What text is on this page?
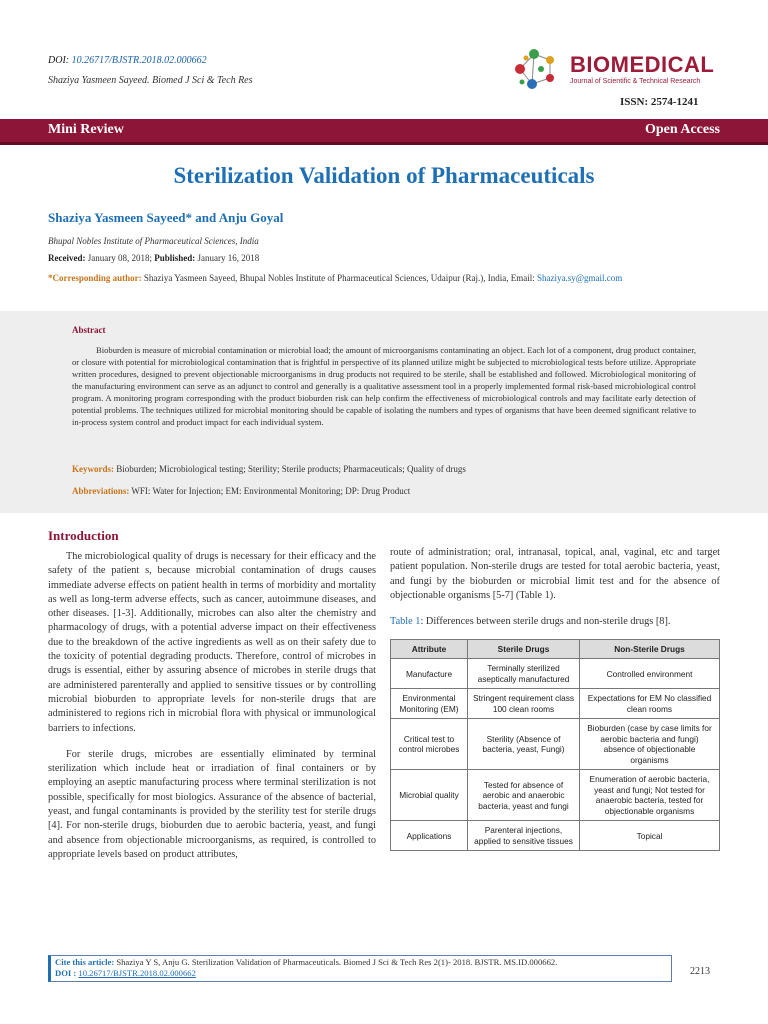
DOI: 10.26717/BJSTR.2018.02.000662
Shaziya Yasmeen Sayeed. Biomed J Sci & Tech Res
BIOMEDICAL
Journal of Scientific & Technical Research
ISSN: 2574-1241
Mini Review	Open Access
Sterilization Validation of Pharmaceuticals
Shaziya Yasmeen Sayeed* and Anju Goyal
Bhupal Nobles Institute of Pharmaceutical Sciences, India
Received: January 08, 2018; Published: January 16, 2018
*Corresponding author: Shaziya Yasmeen Sayeed, Bhupal Nobles Institute of Pharmaceutical Sciences, Udaipur (Raj.), India, Email: Shaziya.sy@gmail.com
Abstract
Bioburden is measure of microbial contamination or microbial load; the amount of microorganisms contaminating an object. Each lot of a component, drug product container, or closure with potential for microbiological contamination that is frightful in perspective of its planned utilize might be subjected to microbiological tests before utilize. Appropriate written procedures, designed to prevent objectionable microorganisms in drug products not required to be sterile, shall be established and followed. Microbiological monitoring of the manufacturing environment can serve as an adjunct to control and generally is a qualitative assessment tool in a properly implemented formal risk-based microbiological control program. A monitoring program corresponding with the product bioburden risk can help confirm the effectiveness of microbiological controls and may facilitate early detection of potential problems. The techniques utilized for microbial monitoring should be capable of isolating the numbers and types of organisms that have been deemed significant relative to in-process system control and product impact for each individual system.
Keywords: Bioburden; Microbiological testing; Sterility; Sterile products; Pharmaceuticals; Quality of drugs
Abbreviations: WFI: Water for Injection; EM: Environmental Monitoring; DP: Drug Product
Introduction

The microbiological quality of drugs is necessary for their efficacy and the safety of the patient s, because microbial contamination of drugs causes immediate adverse effects on patient health in terms of morbidity and mortality as well as long-term adverse effects, such as cancer, autoimmune diseases, and other diseases. [1-3]. Additionally, microbes can also alter the chemistry and pharmacology of drugs, with a potential adverse impact on their effectiveness due to the breakdown of the active ingredients as well as on their safety due to the toxicity of potential degrading products. Therefore, control of microbes in drugs is essential, either by assuring absence of microbes in sterile drugs that are administered parenterally and applied to sensitive tissues or by controlling microbial bioburden to appropriate levels for non-sterile drugs that are administered to regions rich in microbial flora with physical or immunological barriers to infections.

For sterile drugs, microbes are essentially eliminated by terminal sterilization which include heat or irradiation of final containers or by employing an aseptic manufacturing process where terminal sterilization is not possible, specifically for most biologics. Assurance of the absence of bacterial, yeast, and fungal contaminants is provided by the sterility test for sterile drugs [4]. For non-sterile drugs, bioburden due to aerobic bacteria, yeast, and fungi and absence from objectionable microorganisms, as required, is controlled to appropriate levels based on product attributes,

route of administration; oral, intranasal, topical, anal, vaginal, etc and target patient population. Non-sterile drugs are tested for total aerobic bacteria, yeast, and fungi by the bioburden or microbial limit test and for the absence of objectionable organisms [5-7] (Table 1).

Table 1: Differences between sterile drugs and non-sterile drugs [8].
Attribute	Sterile Drugs	Non-Sterile Drugs
Manufacture	Terminally sterilized aseptically manufactured	Controlled environment
Environmental Monitoring (EM)	Stringent requirement class 100 clean rooms	Expectations for EM No classified clean rooms
Critical test to control microbes	Sterility (Absence of bacteria, yeast, Fungi)	Bioburden (case by case limits for aerobic bacteria and fungi) absence of objectionable organisms
Microbial quality	Tested for absence of aerobic and anaerobic bacteria, yeast and fungi	Enumeration of aerobic bacteria, yeast and fungi; Not tested for anaerobic bacteria, tested for objectionable organisms
Applications	Parenteral injections, applied to sensitive tissues	Topical
Cite this article: Shaziya Y S, Anju G. Sterilization Validation of Pharmaceuticals. Biomed J Sci & Tech Res 2(1)- 2018. BJSTR. MS.ID.000662.
DOI : 10.26717/BJSTR.2018.02.000662	2213
